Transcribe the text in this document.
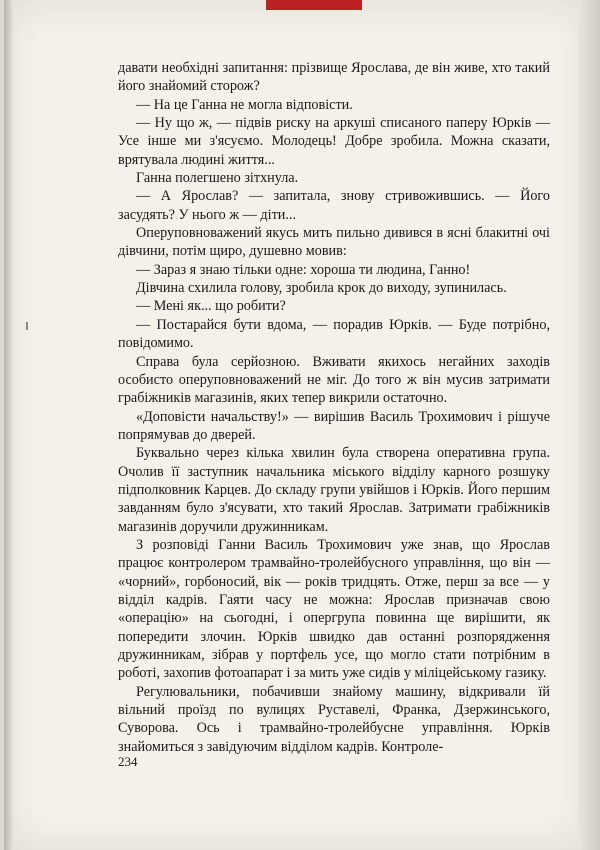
давати необхідні запитання: прізвище Ярослава, де він живе, хто такий його знайомий сторож?

— На це Ганна не могла відповісти.

— Ну що ж, — підвів риску на аркуші списаного паперу Юрків — Усе інше ми з'ясуємо. Молодець! Добре зробила. Можна сказати, врятувала людині життя...

Ганна полегшено зітхнула.

— А Ярослав? — запитала, знову стривожившись. — Його засудять? У нього ж — діти...

Оперуповноважений якусь мить пильно дивився в ясні блакитні очі дівчини, потім щиро, душевно мовив:

— Зараз я знаю тільки одне: хороша ти людина, Ганно!

Дівчина схилила голову, зробила крок до виходу, зупинилась.

— Мені як... що робити?

— Постарайся бути вдома, — порадив Юрків. — Буде потрібно, повідомимо.

Справа була серйозною. Вживати якихось негайних заходів особисто оперуповноважений не міг. До того ж він мусив затримати грабіжників магазинів, яких тепер викрили остаточно.

«Доповісти начальству!» — вирішив Василь Трохимович і рішуче попрямував до дверей.

Буквально через кілька хвилин була створена оперативна група. Очолив її заступник начальника міського відділу карного розшуку підполковник Карцев. До складу групи увійшов і Юрків. Його першим завданням було з'ясувати, хто такий Ярослав. Затримати грабіжників магазинів доручили дружинникам.

З розповіді Ганни Василь Трохимович уже знав, що Ярослав працює контролером трамвайно-тролейбусного управління, що він — «чорний», горбоносий, вік — років тридцять. Отже, перш за все — у відділ кадрів. Гаяти часу не можна: Ярослав призначав свою «операцію» на сьогодні, і опергрупа повинна ще вирішити, як попередити злочин. Юрків швидко дав останні розпорядження дружинникам, зібрав у портфель усе, що могло стати потрібним в роботі, захопив фотоапарат і за мить уже сидів у міліцейському газику.

Регулювальники, побачивши знайому машину, відкривали їй вільний проїзд по вулицях Руставелі, Франка, Дзержинського, Суворова. Ось і трамвайно-тролейбусне управління. Юрків знайомиться з завідуючим відділом кадрів. Контроле-

234
